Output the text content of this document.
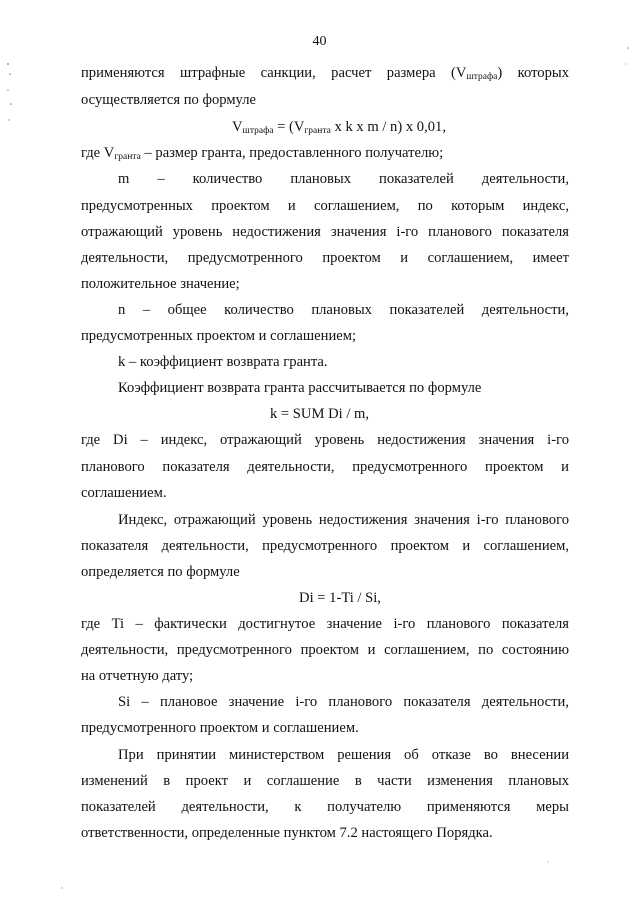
40
применяются штрафные санкции, расчет размера (Vштрафа) которых
осуществляется по формуле
Vштрафа = (Vгранта x k x m / n) x 0,01,
где Vгранта – размер гранта, предоставленного получателю;
m – количество плановых показателей деятельности,
предусмотренных проектом и соглашением, по которым индекс,
отражающий уровень недостижения значения i-го планового показателя
деятельности, предусмотренного проектом и соглашением, имеет
положительное значение;
n – общее количество плановых показателей деятельности,
предусмотренных проектом и соглашением;
k – коэффициент возврата гранта.
Коэффициент возврата гранта рассчитывается по формуле
k = SUM Di / m,
где Di – индекс, отражающий уровень недостижения значения i-го
планового показателя деятельности, предусмотренного проектом и
соглашением.
Индекс, отражающий уровень недостижения значения i-го планового
показателя деятельности, предусмотренного проектом и соглашением,
определяется по формуле
Di = 1-Ti / Si,
где Ti – фактически достигнутое значение i-го планового показателя
деятельности, предусмотренного проектом и соглашением, по состоянию
на отчетную дату;
Si – плановое значение i-го планового показателя деятельности,
предусмотренного проектом и соглашением.
При принятии министерством решения об отказе во внесении
изменений в проект и соглашение в части изменения плановых
показателей деятельности, к получателю применяются меры
ответственности, определенные пунктом 7.2 настоящего Порядка.
